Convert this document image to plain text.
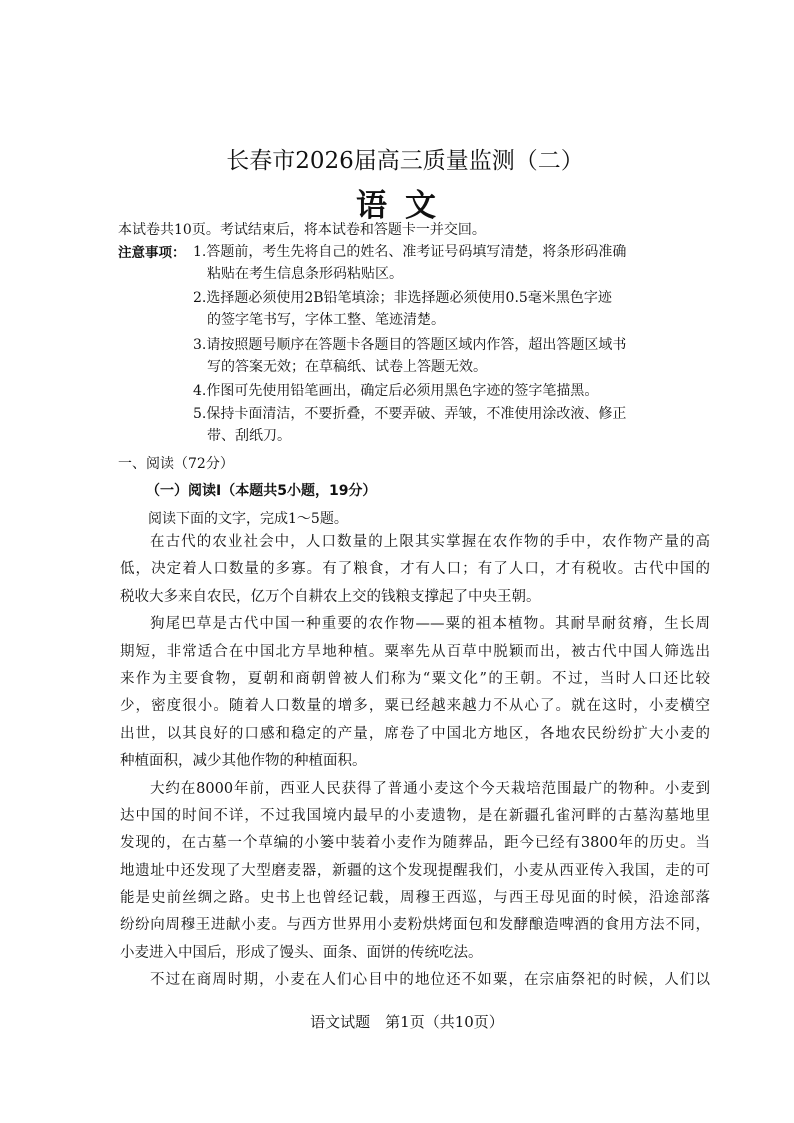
长春市2026届高三质量监测（二）
语文
本试卷共10页。考试结束后，将本试卷和答题卡一并交回。
注意事项： 1.答题前，考生先将自己的姓名、准考证号码填写清楚，将条形码准确
粘贴在考生信息条形码粘贴区。
2.选择题必须使用2B铅笔填涂；非选择题必须使用0.5毫米黑色字迹
的签字笔书写，字体工整、笔迹清楚。
3.请按照题号顺序在答题卡各题目的答题区域内作答，超出答题区域书
写的答案无效；在草稿纸、试卷上答题无效。
4.作图可先使用铅笔画出，确定后必须用黑色字迹的签字笔描黑。
5.保持卡面清洁，不要折叠，不要弄破、弄皱，不准使用涂改液、修正
带、刮纸刀。
一、阅读（72分）
（一）阅读I（本题共5小题，19分）
阅读下面的文字，完成1～5题。
在古代的农业社会中，人口数量的上限其实掌握在农作物的手中，农作物产量的高
低，决定着人口数量的多寡。有了粮食，才有人口；有了人口，才有税收。古代中国的
税收大多来自农民，亿万个自耕农上交的钱粮支撑起了中央王朝。
狗尾巴草是古代中国一种重要的农作物——粟的祖本植物。其耐旱耐贫瘠，生长周
期短，非常适合在中国北方旱地种植。粟率先从百草中脱颖而出，被古代中国人筛选出
来作为主要食物，夏朝和商朝曾被人们称为“粟文化”的王朝。不过，当时人口还比较
少，密度很小。随着人口数量的增多，粟已经越来越力不从心了。就在这时，小麦横空
出世，以其良好的口感和稳定的产量，席卷了中国北方地区，各地农民纷纷扩大小麦的
种植面积，减少其他作物的种植面积。
大约在8000年前，西亚人民获得了普通小麦这个今天栽培范围最广的物种。小麦到
达中国的时间不详，不过我国境内最早的小麦遗物，是在新疆孔雀河畔的古墓沟墓地里
发现的，在古墓一个草编的小篓中装着小麦作为随葬品，距今已经有3800年的历史。当
地遗址中还发现了大型磨麦器，新疆的这个发现提醒我们，小麦从西亚传入我国，走的可
能是史前丝绸之路。史书上也曾经记载，周穆王西巡，与西王母见面的时候，沿途部落
纷纷向周穆王进献小麦。与西方世界用小麦粉烘烤面包和发酵酿造啤酒的食用方法不同，
小麦进入中国后，形成了馒头、面条、面饼的传统吃法。
不过在商周时期，小麦在人们心目中的地位还不如粟，在宗庙祭祀的时候，人们以
语文试题　第1页（共10页）
